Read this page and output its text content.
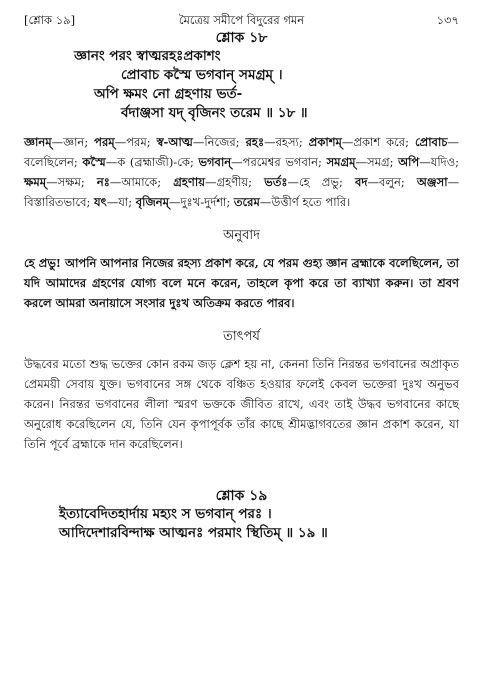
[শ্লোক ১৯]	মৈত্রেয় সমীপে বিদুরের গমন	১৩৭
শ্লোক ১৮
জ্ঞানং পরং স্বাত্মরহঃপ্রকাশং
প্রোবাচ কস্মৈ ভগবান্ সমগ্রম্ ।
অপি ক্ষমং নো গ্রহণায় ভর্ত-
র্বদাঞ্জসা যদ্ বৃজিনং তরেম ॥ ১৮ ॥
জ্ঞানম্—জ্ঞান; পরম্—পরম; স্ব-আত্ম—নিজের; রহঃ—রহস্য; প্রকাশম্—প্রকাশ করে; প্রোবাচ—বলেছিলেন; কস্মৈ—ক (ব্রহ্মাজী)-কে; ভগবান্—পরমেশ্বর ভগবান; সমগ্রম্—সমগ্র; অপি—যদিও; ক্ষমম্—সক্ষম; নঃ—আমাকে; গ্রহণায়—গ্রহণীয়; ভর্তঃ—হে প্রভু; বদ—বলুন; অঞ্জসা—বিস্তারিতভাবে; যৎ—যা; বৃজিনম্—দুঃখ-দুর্দশা; তরেম—উত্তীর্ণ হতে পারি।
অনুবাদ
হে প্রভু! আপনি আপনার নিজের রহস্য প্রকাশ করে, যে পরম গুহ্য জ্ঞান ব্রহ্মাকে বলেছিলেন, তা যদি আমাদের গ্রহণের যোগ্য বলে মনে করেন, তাহলে কৃপা করে তা ব্যাখ্যা করুন। তা শ্রবণ করলে আমরা অনায়াসে সংসার দুঃখ অতিক্রম করতে পারব।
তাৎপর্য
উদ্ধবের মতো শুদ্ধ ভক্তের কোন রকম জড় ক্লেশ হয় না, কেননা তিনি নিরন্তর ভগবানের অপ্রাকৃত প্রেমময়ী সেবায় যুক্ত। ভগবানের সঙ্গ থেকে বঞ্চিত হওয়ার ফলেই কেবল ভক্তেরা দুঃখ অনুভব করেন। নিরন্তর ভগবানের লীলা স্মরণ ভক্তকে জীবিত রাখে, এবং তাই উদ্ধব ভগবানের কাছে অনুরোধ করেছিলেন যে, তিনি যেন কৃপাপূর্বক তাঁর কাছে শ্রীমদ্ভাগবতের জ্ঞান প্রকাশ করেন, যা তিনি পূর্বে ব্রহ্মাকে দান করেছিলেন।
শ্লোক ১৯
ইত্যাবেদিতহার্দায় মহ্যং স ভগবান্ পরঃ ।
আদিদেশারবিন্দাক্ষ আত্মনঃ পরমাং স্থিতিম্ ॥ ১৯ ॥
